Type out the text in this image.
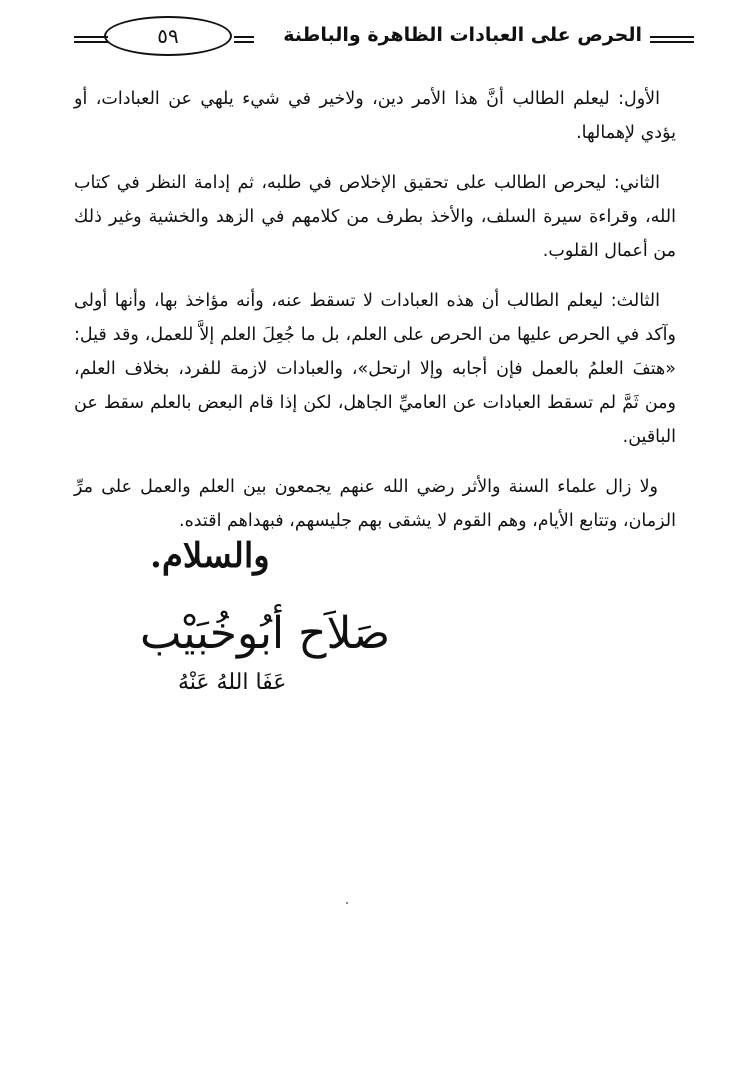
٥٩	الحرص على العبادات الظاهرة والباطنة

الأول: ليعلم الطالب أنَّ هذا الأمر دين، ولاخير في شيء يلهي عن العبادات، أو يؤدي لإهمالها.

الثاني: ليحرص الطالب على تحقيق الإخلاص في طلبه، ثم إدامة النظر في كتاب الله، وقراءة سيرة السلف، والأخذ بطرف من كلامهم في الزهد والخشية وغير ذلك من أعمال القلوب.

الثالث: ليعلم الطالب أن هذه العبادات لا تسقط عنه، وأنه مؤاخذ بها، وأنها أولى وآكد في الحرص عليها من الحرص على العلم، بل ما جُعِلَ العلم إلاَّ للعمل، وقد قيل: «هتفَ العلمُ بالعمل فإن أجابه وإلا ارتحل»، والعبادات لازمة للفرد، بخلاف العلم، ومن ثَمَّ لم تسقط العبادات عن العاميِّ الجاهل، لكن إذا قام البعض بالعلم سقط عن الباقين.

ولا زال علماء السنة والأثر رضي الله عنهم يجمعون بين العلم والعمل على مرِّ الزمان، وتتابع الأيام، وهم القوم لا يشقى بهم جليسهم، فبهداهم اقتده.

والسلام.
صَلاَح أبُوخُبَيْب
عَفَا اللهُ عَنْهُ
